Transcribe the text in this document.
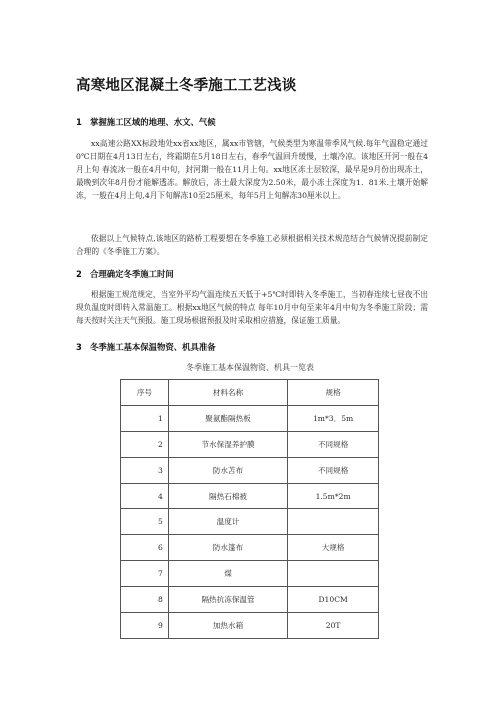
高寒地区混凝土冬季施工工艺浅谈
1 掌握施工区域的地理、水文、气候

xx高速公路XX标段地处xx省xx地区，属xx市管辖，气候类型为寒温带季风气候.每年气温稳定通过0℃日期在4月13日左右，终霜期在5月18日左右，春季气温回升缓慢，土壤冷凉。该地区开河一般在4月上旬 春流冰一般在4月中旬，封河期一般在11月上旬。xx地区冻土层较深，最早是9月份出现冻土，最晚到次年8月份才能解透冻。解放后，冻土最大深度为2.50米，最小冻土深度为1．81米.土壤开始解冻，一般在4月上旬,4月下旬解冻10至25厘米，每年5月上旬解冻30厘米以上。

依据以上气候特点,该地区的路桥工程要想在冬季施工必须根据相关技术规范结合气候情况提前制定合理的《冬季施工方案》。

2 合理确定冬季施工时间

根据施工规范规定，当室外平均气温连续五天低于+5℃时即转入冬季施工，当初春连续七昼夜不出现负温度时即转入常温施工。根据xx地区气候的特点 每年10月中旬至来年4月中旬为冬季施工阶段；需每天按时关注天气预报。施工现场根据预报及时采取相应措施，保证施工质量。

3 冬季施工基本保温物资、机具准备

冬季施工基本保温物资、机具一览表

序号	材料名称	规格
1	聚氨酯隔热板	1m*3．5m
2	节水保湿养护膜	不同规格
3	防水苫布	不同规格
4	隔热石棉被	1.5m*2m
5	温度计	
6	防水篷布	大规格
7	煤	
8	隔热抗冻保温管	D10CM
9	加热水箱	20T
